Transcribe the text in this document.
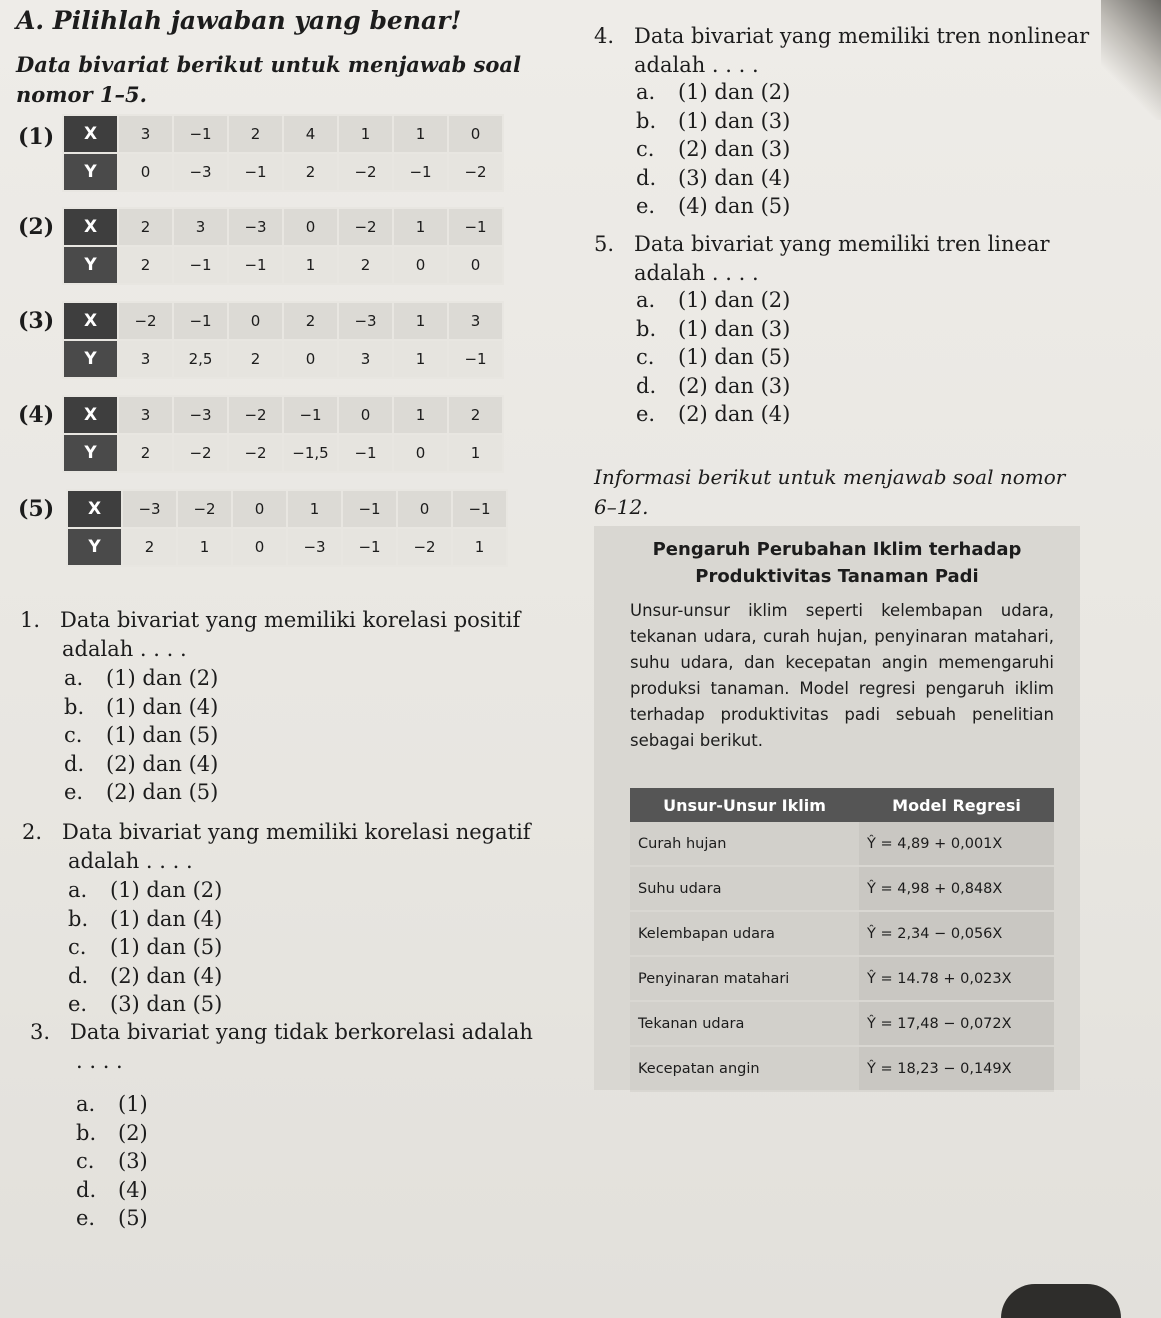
A. Pilihlah jawaban yang benar!
Data bivariat berikut untuk menjawab soal nomor 1–5.
(1) X	3	−1	2	4	1	1	0
Y	0	−3	−1	2	−2	−1	−2
(2) X	2	3	−3	0	−2	1	−1
Y	2	−1	−1	1	2	0	0
(3) X	−2	−1	0	2	−3	1	3
Y	3	2,5	2	0	3	1	−1
(4) X	3	−3	−2	−1	0	1	2
Y	2	−2	−2	−1,5	−1	0	1
(5) X	−3	−2	0	1	−1	0	−1
Y	2	1	0	−3	−1	−2	1
1. Data bivariat yang memiliki korelasi positif
adalah . . . .
a. (1) dan (2)
b. (1) dan (4)
c. (1) dan (5)
d. (2) dan (4)
e. (2) dan (5)
2. Data bivariat yang memiliki korelasi negatif
adalah . . . .
a. (1) dan (2)
b. (1) dan (4)
c. (1) dan (5)
d. (2) dan (4)
e. (3) dan (5)
3. Data bivariat yang tidak berkorelasi adalah
. . . .
a. (1)
b. (2)
c. (3)
d. (4)
e. (5)
4. Data bivariat yang memiliki tren nonlinear
adalah . . . .
a. (1) dan (2)
b. (1) dan (3)
c. (2) dan (3)
d. (3) dan (4)
e. (4) dan (5)
5. Data bivariat yang memiliki tren linear
adalah . . . .
a. (1) dan (2)
b. (1) dan (3)
c. (1) dan (5)
d. (2) dan (3)
e. (2) dan (4)
Informasi berikut untuk menjawab soal nomor
6–12.
Pengaruh Perubahan Iklim terhadap
Produktivitas Tanaman Padi
Unsur-unsur iklim seperti kelembapan udara, tekanan udara, curah hujan, penyinaran matahari, suhu udara, dan kecepatan angin memengaruhi produksi tanaman. Model regresi pengaruh iklim terhadap produktivitas padi sebuah penelitian sebagai berikut.
Unsur-Unsur Iklim	Model Regresi
Curah hujan	Ŷ = 4,89 + 0,001X
Suhu udara	Ŷ = 4,98 + 0,848X
Kelembapan udara	Ŷ = 2,34 − 0,056X
Penyinaran matahari	Ŷ = 14.78 + 0,023X
Tekanan udara	Ŷ = 17,48 − 0,072X
Kecepatan angin	Ŷ = 18,23 − 0,149X
